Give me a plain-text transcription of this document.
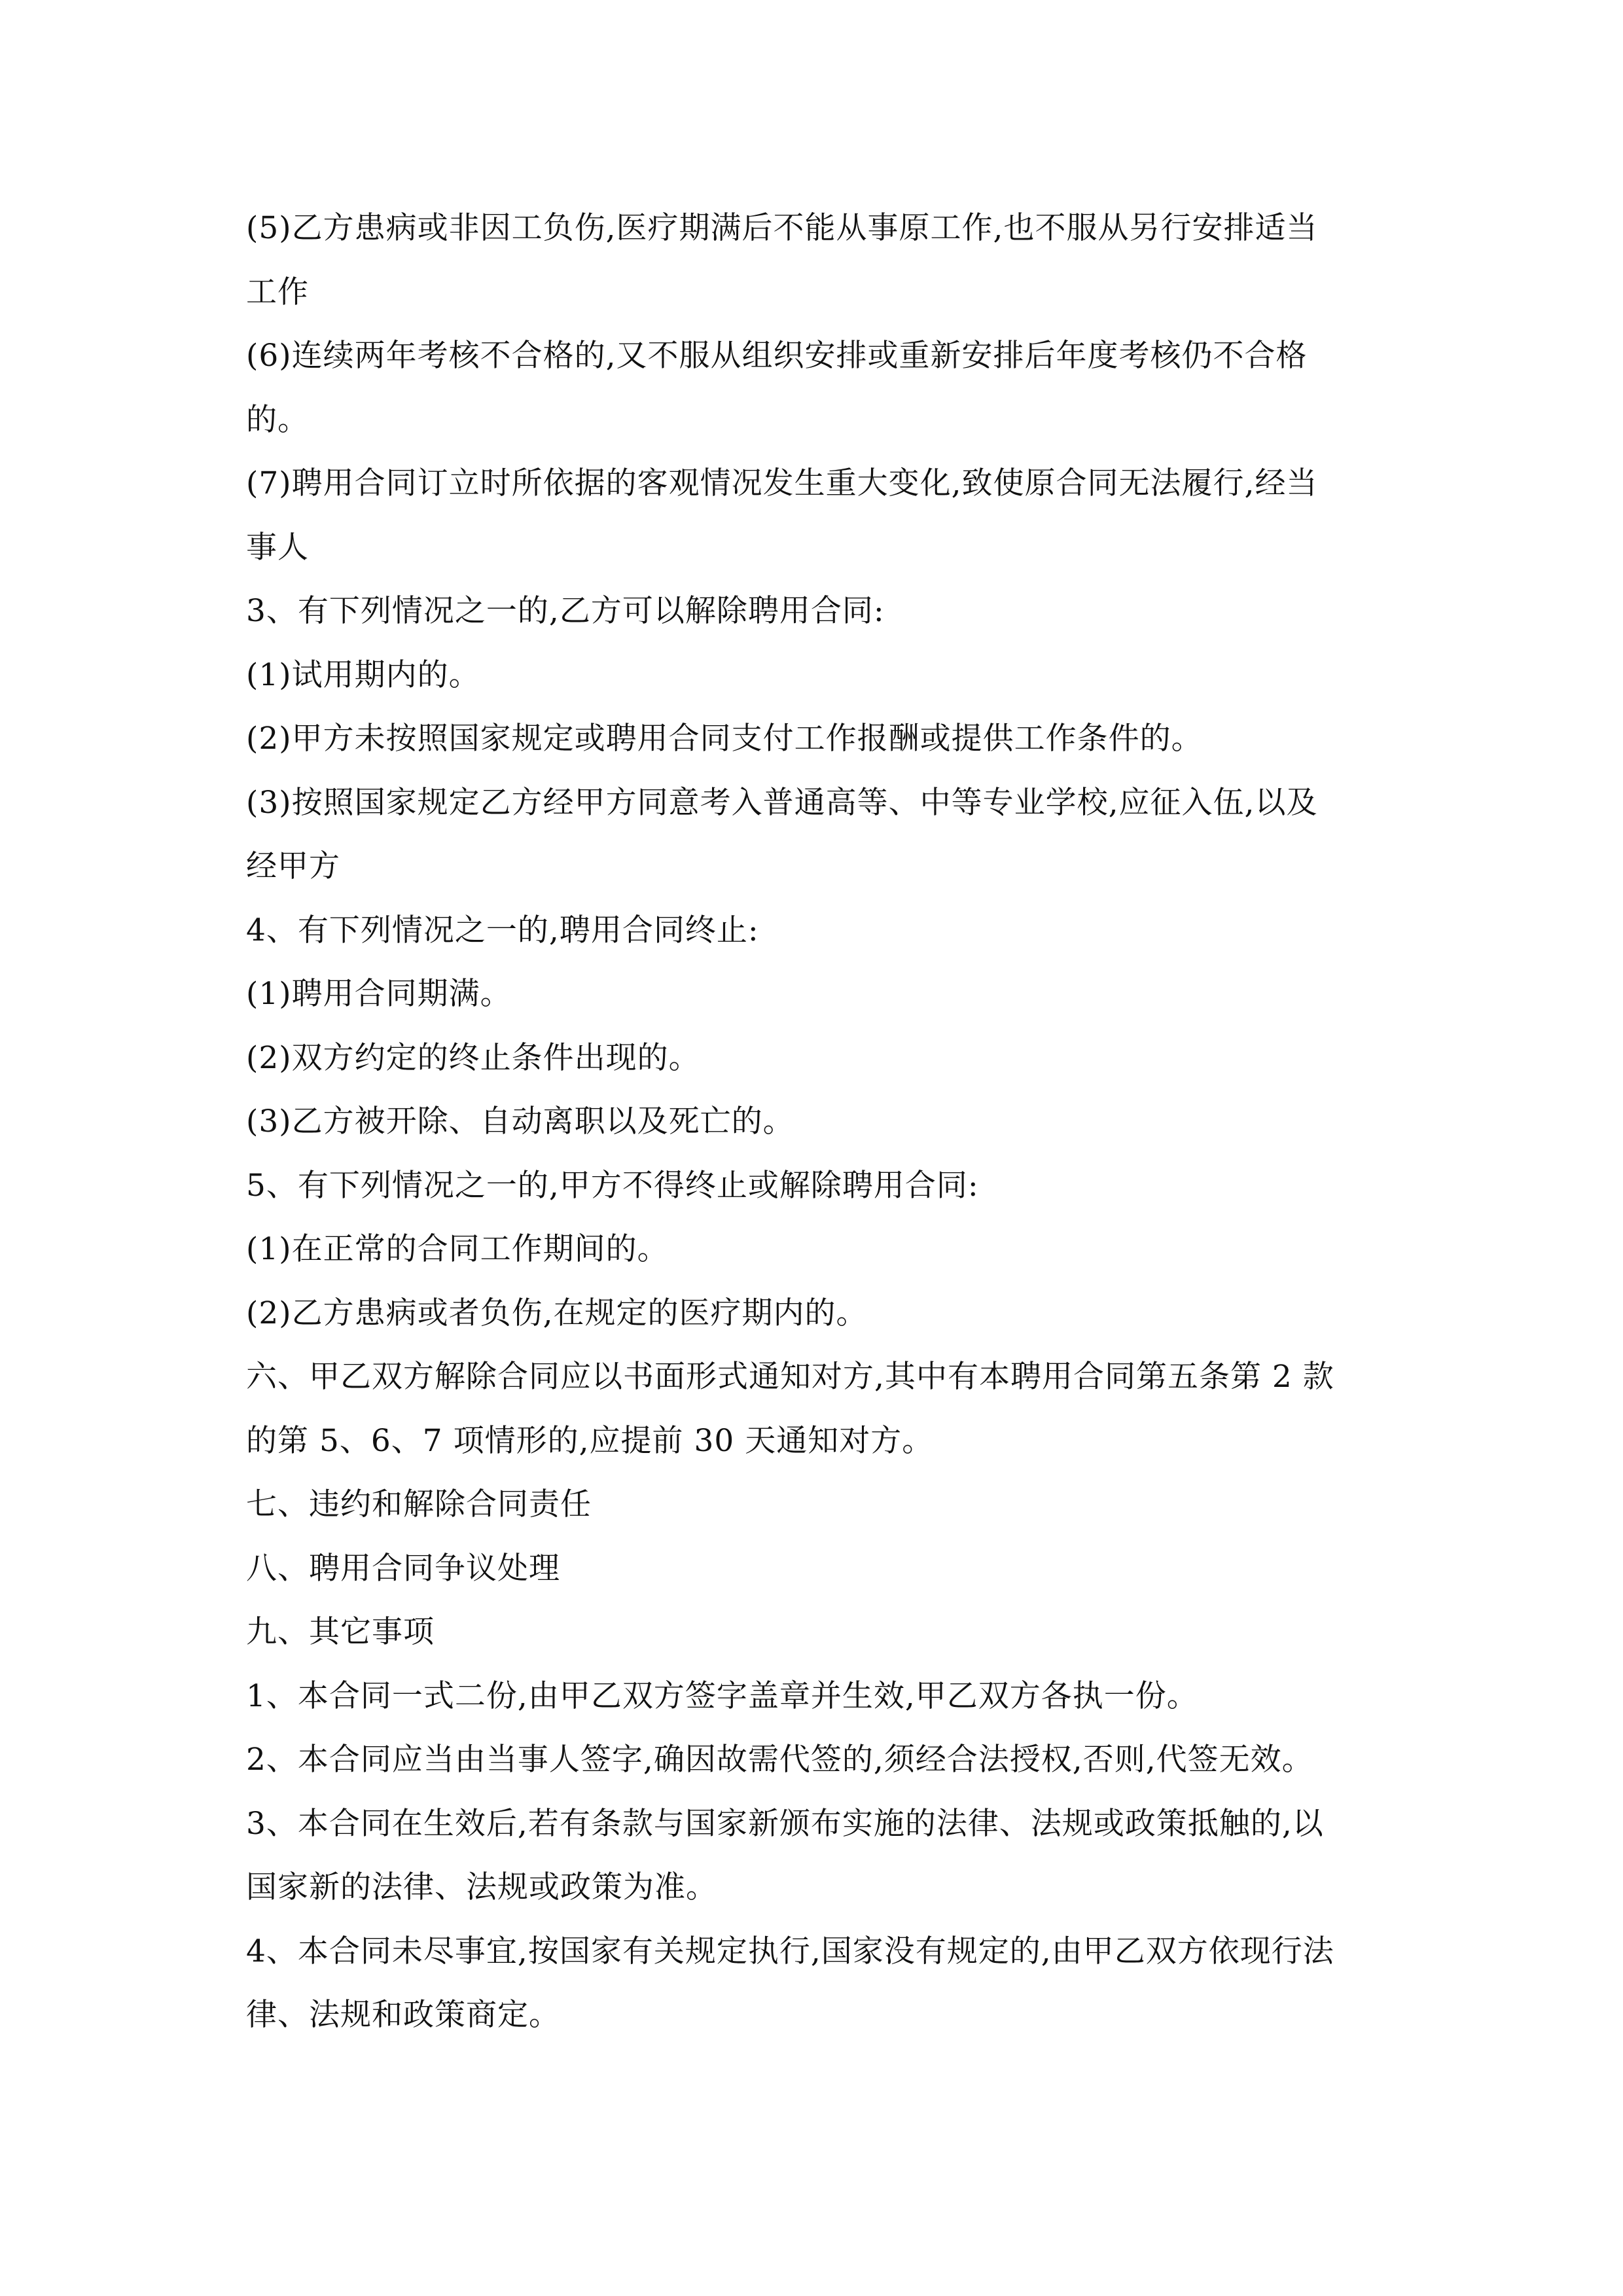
(5)乙方患病或非因工负伤,医疗期满后不能从事原工作,也不服从另行安排适当

工作

(6)连续两年考核不合格的,又不服从组织安排或重新安排后年度考核仍不合格

的。

(7)聘用合同订立时所依据的客观情况发生重大变化,致使原合同无法履行,经当

事人

3、有下列情况之一的,乙方可以解除聘用合同:

(1)试用期内的。

(2)甲方未按照国家规定或聘用合同支付工作报酬或提供工作条件的。

(3)按照国家规定乙方经甲方同意考入普通高等、中等专业学校,应征入伍,以及

经甲方

4、有下列情况之一的,聘用合同终止:

(1)聘用合同期满。

(2)双方约定的终止条件出现的。

(3)乙方被开除、自动离职以及死亡的。

5、有下列情况之一的,甲方不得终止或解除聘用合同:

(1)在正常的合同工作期间的。

(2)乙方患病或者负伤,在规定的医疗期内的。

六、甲乙双方解除合同应以书面形式通知对方,其中有本聘用合同第五条第 2 款

的第 5、6、7 项情形的,应提前 30 天通知对方。

七、违约和解除合同责任

八、聘用合同争议处理

九、其它事项

1、本合同一式二份,由甲乙双方签字盖章并生效,甲乙双方各执一份。

2、本合同应当由当事人签字,确因故需代签的,须经合法授权,否则,代签无效。

3、本合同在生效后,若有条款与国家新颁布实施的法律、法规或政策抵触的,以

国家新的法律、法规或政策为准。

4、本合同未尽事宜,按国家有关规定执行,国家没有规定的,由甲乙双方依现行法

律、法规和政策商定。
